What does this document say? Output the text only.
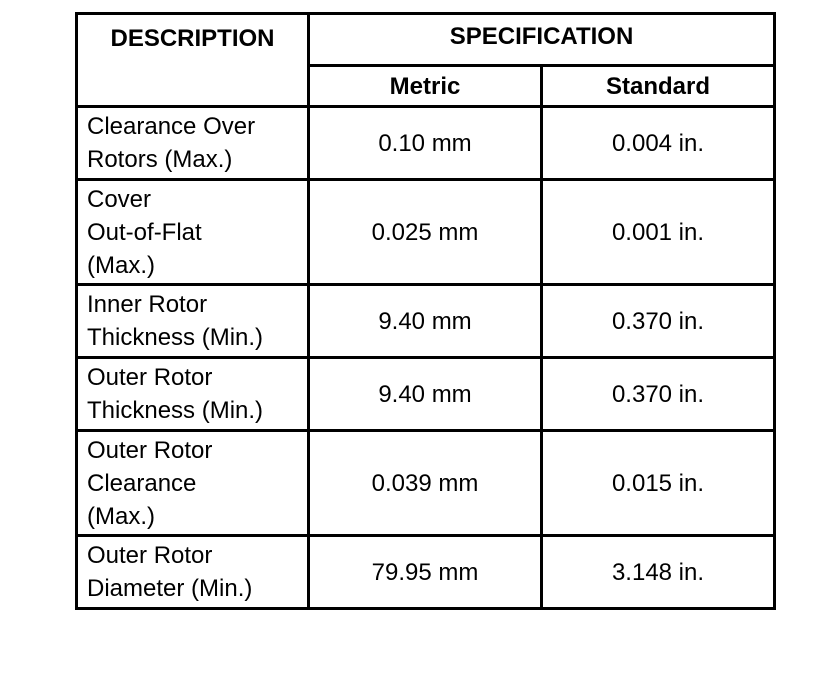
DESCRIPTION	SPECIFICATION	
	Metric	Standard

Clearance Over
Rotors (Max.)	0.10 mm	0.004 in.

Cover
Out-of-Flat
(Max.)	0.025 mm	0.001 in.

Inner Rotor
Thickness (Min.)	9.40 mm	0.370 in.

Outer Rotor
Thickness (Min.)	9.40 mm	0.370 in.

Outer Rotor
Clearance
(Max.)	0.039 mm	0.015 in.

Outer Rotor
Diameter (Min.)	79.95 mm	3.148 in.
